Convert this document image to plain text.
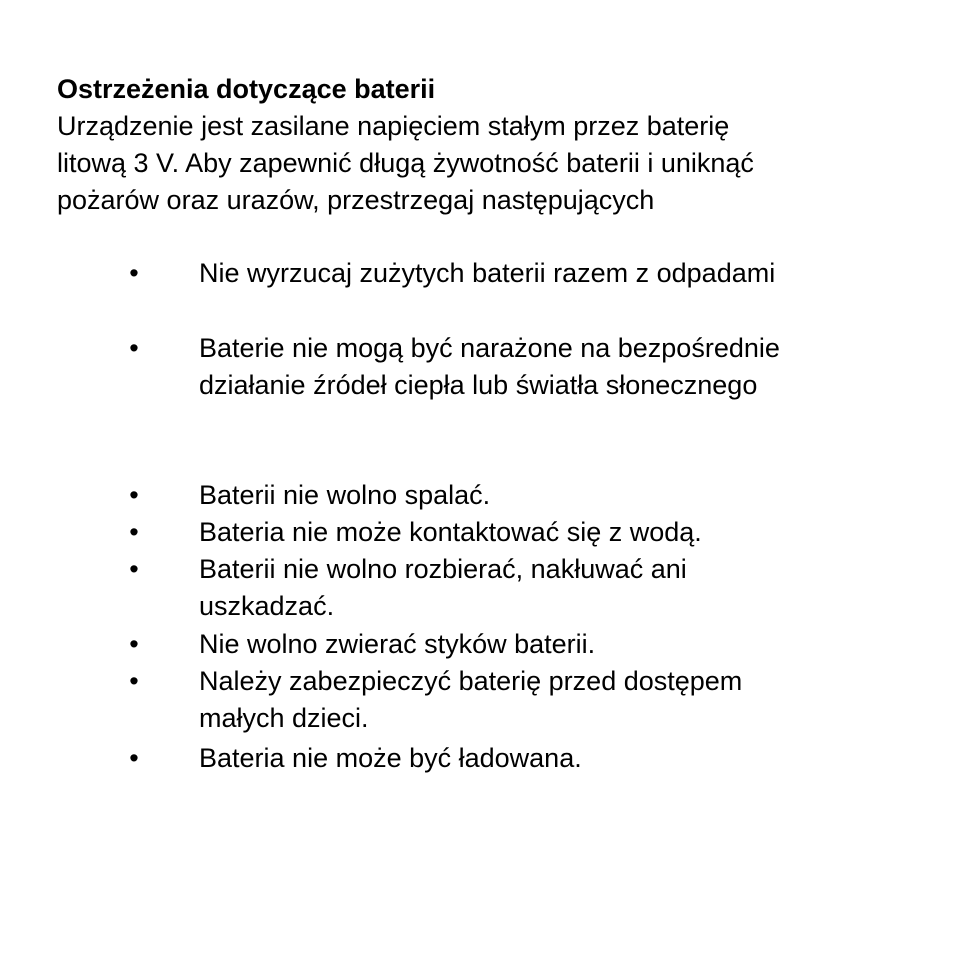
Ostrzeżenia dotyczące baterii

Urządzenie jest zasilane napięciem stałym przez baterię
litową 3 V. Aby zapewnić długą żywotność baterii i uniknąć
pożarów oraz urazów, przestrzegaj następujących

• Nie wyrzucaj zużytych baterii razem z odpadami
• Baterie nie mogą być narażone na bezpośrednie
działanie źródeł ciepła lub światła słonecznego
• Baterii nie wolno spalać.
• Bateria nie może kontaktować się z wodą.
• Baterii nie wolno rozbierać, nakłuwać ani
uszkadzać.
• Nie wolno zwierać styków baterii.
• Należy zabezpieczyć baterię przed dostępem
małych dzieci.
• Bateria nie może być ładowana.
